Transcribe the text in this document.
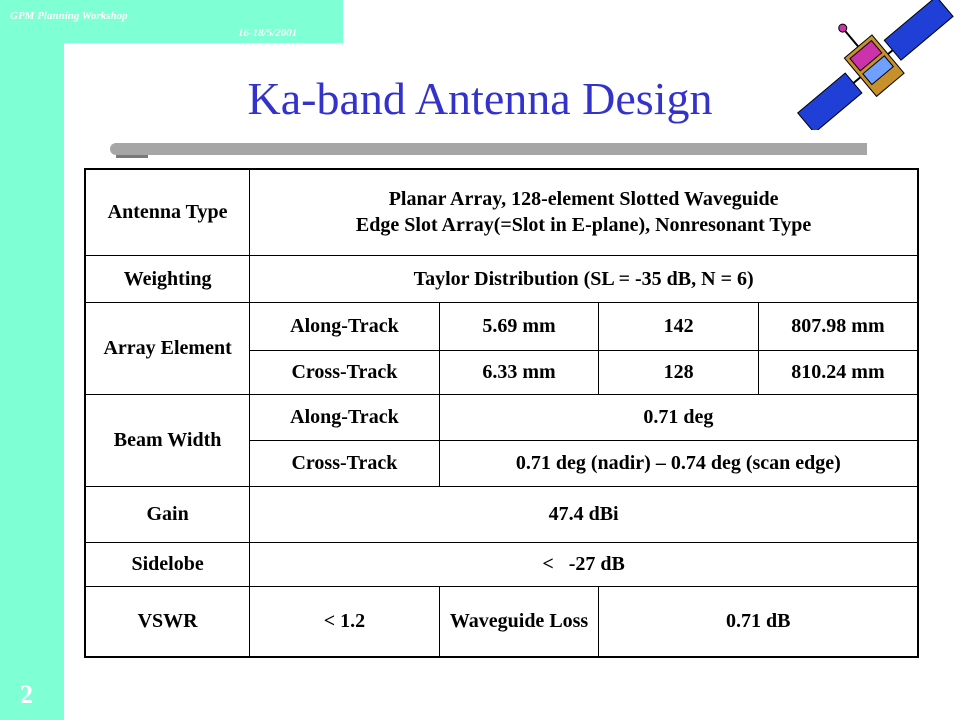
GPM Planning Workshop
16-18/5/2001
2
Ka-band Antenna Design
Antenna Type	Planar Array, 128-element Slotted Waveguide
Edge Slot Array(=Slot in E-plane), Nonresonant Type			

Weighting	Taylor Distribution (SL = -35 dB, N = 6)			
Array Element	Along-Track	5.69 mm	142	807.98 mm
	Cross-Track	6.33 mm	128	810.24 mm
Beam Width	Along-Track	0.71 deg		
	Cross-Track	0.71 deg (nadir) – 0.74 deg (scan edge)		
Gain	47.4 dBi			
Sidelobe	<   -27 dB			
VSWR	< 1.2	Waveguide Loss	0.71 dB	
